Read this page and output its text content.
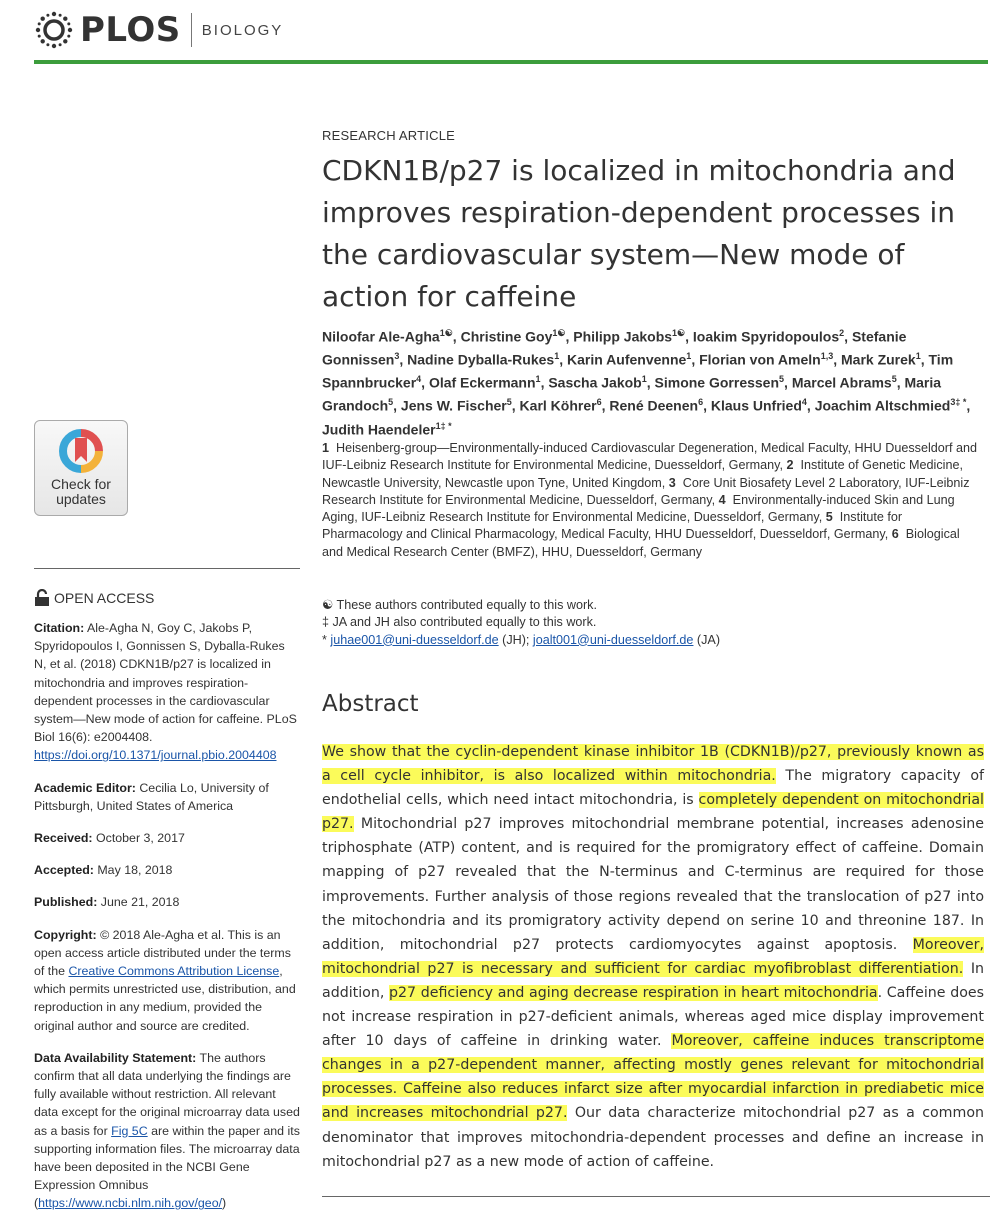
PLOS BIOLOGY
Check for updates
OPEN ACCESS
Citation: Ale-Agha N, Goy C, Jakobs P, Spyridopoulos I, Gonnissen S, Dyballa-Rukes N, et al. (2018) CDKN1B/p27 is localized in mitochondria and improves respiration-dependent processes in the cardiovascular system—New mode of action for caffeine. PLoS Biol 16(6): e2004408. https://doi.org/10.1371/journal.pbio.2004408
Academic Editor: Cecilia Lo, University of Pittsburgh, United States of America
Received: October 3, 2017
Accepted: May 18, 2018
Published: June 21, 2018
Copyright: © 2018 Ale-Agha et al. This is an open access article distributed under the terms of the Creative Commons Attribution License, which permits unrestricted use, distribution, and reproduction in any medium, provided the original author and source are credited.
Data Availability Statement: The authors confirm that all data underlying the findings are fully available without restriction. All relevant data except for the original microarray data used as a basis for Fig 5C are within the paper and its supporting information files. The microarray data have been deposited in the NCBI Gene Expression Omnibus (https://www.ncbi.nlm.nih.gov/geo/)
RESEARCH ARTICLE
CDKN1B/p27 is localized in mitochondria and improves respiration-dependent processes in the cardiovascular system—New mode of action for caffeine
Niloofar Ale-Agha$^{1☯}$, Christine Goy$^{1☯}$, Philipp Jakobs$^{1☯}$, Ioakim Spyridopoulos$^2$, Stefanie Gonnissen$^3$, Nadine Dyballa-Rukes$^1$, Karin Aufenvenne$^1$, Florian von Ameln$^{1,3}$, Mark Zurek$^1$, Tim Spannbrucker$^4$, Olaf Eckermann$^1$, Sascha Jakob$^1$, Simone Gorressen$^5$, Marcel Abrams$^5$, Maria Grandoch$^5$, Jens W. Fischer$^5$, Karl Köhrer$^6$, René Deenen$^6$, Klaus Unfried$^4$, Joachim Altschmied$^{3\ddagger *}$, Judith Haendeler$^{1\ddagger *}$
1 Heisenberg-group—Environmentally-induced Cardiovascular Degeneration, Medical Faculty, HHU Duesseldorf and IUF-Leibniz Research Institute for Environmental Medicine, Duesseldorf, Germany, 2 Institute of Genetic Medicine, Newcastle University, Newcastle upon Tyne, United Kingdom, 3 Core Unit Biosafety Level 2 Laboratory, IUF-Leibniz Research Institute for Environmental Medicine, Duesseldorf, Germany, 4 Environmentally-induced Skin and Lung Aging, IUF-Leibniz Research Institute for Environmental Medicine, Duesseldorf, Germany, 5 Institute for Pharmacology and Clinical Pharmacology, Medical Faculty, HHU Duesseldorf, Duesseldorf, Germany, 6 Biological and Medical Research Center (BMFZ), HHU, Duesseldorf, Germany
☯ These authors contributed equally to this work.
‡ JA and JH also contributed equally to this work.
* juhae001@uni-duesseldorf.de (JH); joalt001@uni-duesseldorf.de (JA)
Abstract

We show that the cyclin-dependent kinase inhibitor 1B (CDKN1B)/p27, previously known as a cell cycle inhibitor, is also localized within mitochondria. The migratory capacity of endothelial cells, which need intact mitochondria, is completely dependent on mitochondrial p27. Mitochondrial p27 improves mitochondrial membrane potential, increases adenosine triphosphate (ATP) content, and is required for the promigratory effect of caffeine. Domain mapping of p27 revealed that the N-terminus and C-terminus are required for those improvements. Further analysis of those regions revealed that the translocation of p27 into the mitochondria and its promigratory activity depend on serine 10 and threonine 187. In addition, mitochondrial p27 protects cardiomyocytes against apoptosis. Moreover, mitochondrial p27 is necessary and sufficient for cardiac myofibroblast differentiation. In addition, p27 deficiency and aging decrease respiration in heart mitochondria. Caffeine does not increase respiration in p27-deficient animals, whereas aged mice display improvement after 10 days of caffeine in drinking water. Moreover, caffeine induces transcriptome changes in a p27-dependent manner, affecting mostly genes relevant for mitochondrial processes. Caffeine also reduces infarct size after myocardial infarction in prediabetic mice and increases mitochondrial p27. Our data characterize mitochondrial p27 as a common denominator that improves mitochondria-dependent processes and define an increase in mitochondrial p27 as a new mode of action of caffeine.
